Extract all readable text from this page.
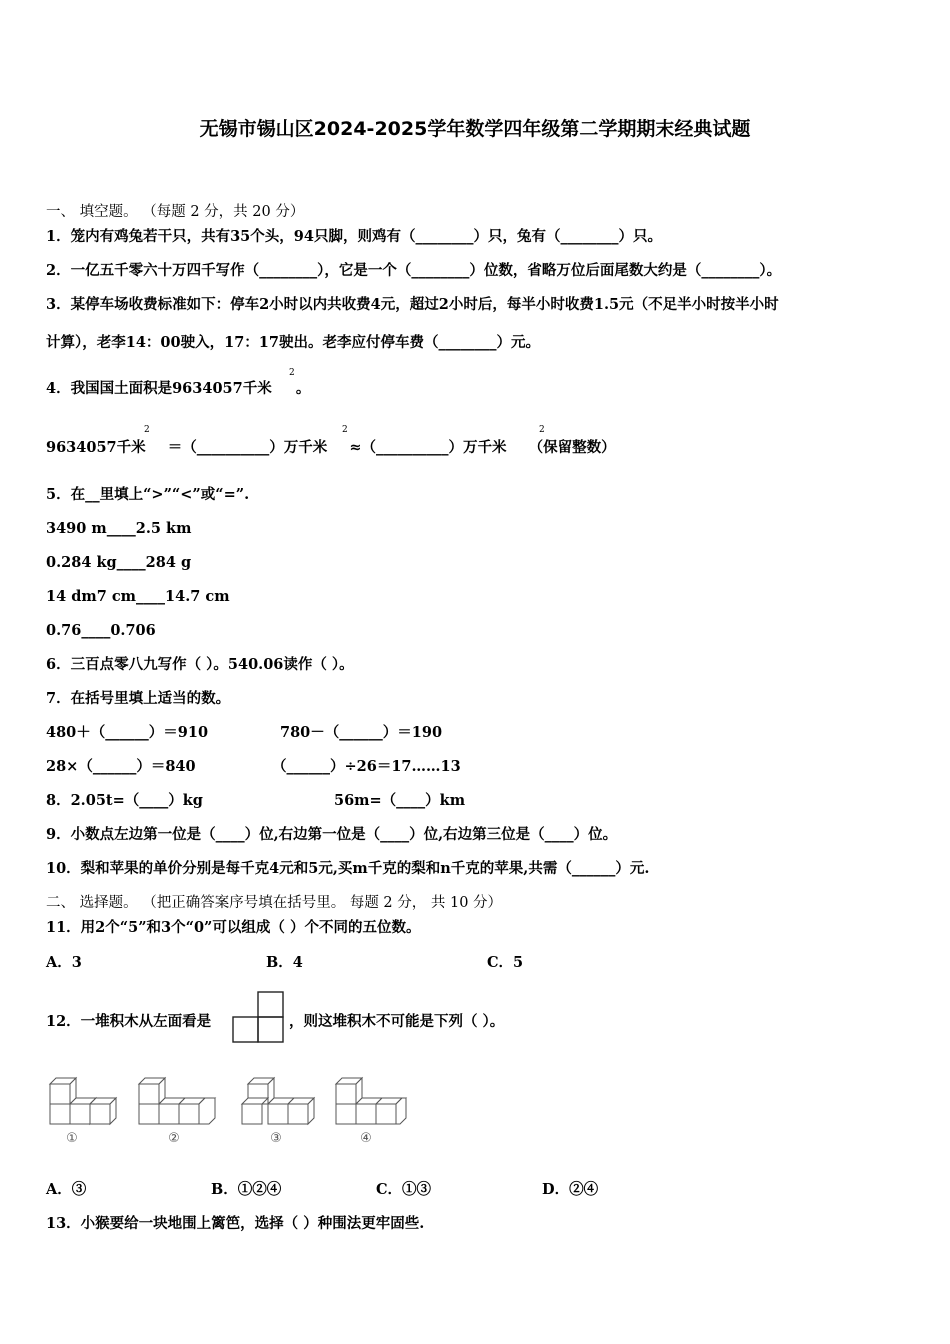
无锡市锡山区2024-2025学年数学四年级第二学期期末经典试题
一、 填空题。 （每题 2 分，共 20 分）
1．笼内有鸡兔若干只，共有35个头，94只脚，则鸡有（________）只，兔有（________）只。
2．一亿五千零六十万四千写作（________），它是一个（________）位数，省略万位后面尾数大约是（________）。
3．某停车场收费标准如下：停车2小时以内共收费4元，超过2小时后，每半小时收费1.5元（不足半小时按半小时
计算），老李14：00驶入，17：17驶出。老李应付停车费（________）元。
4．我国国土面积是9634057千米 。
2
9634057千米 ＝（__________）万千米 ≈（__________）万千米 （保留整数）
2	2	2
5．在__里填上“>”“<”或“=”.
3490 m____2.5 km
0.284 kg____284 g
14 dm7 cm____14.7 cm
0.76____0.706
6．三百点零八九写作（ ）。540.06读作（ ）。
7．在括号里填上适当的数。
480＋（______）＝910	780－（______）＝190
28×（______）＝840	（______）÷26＝17……13
8．2.05t=（____）kg	56m=（____）km
9．小数点左边第一位是（____）位,右边第一位是（____）位,右边第三位是（____）位。
10．梨和苹果的单价分别是每千克4元和5元,买m千克的梨和n千克的苹果,共需（______）元.
二、 选择题。 （把正确答案序号填在括号里。 每题 2 分， 共 10 分）
11．用2个“5”和3个“0”可以组成（ ）个不同的五位数。
A．3	B．4	C．5
12．一堆积木从左面看是	，则这堆积木不可能是下列（ ）。
①	②	③	④
A．③	B．①②④	C．①③	D．②④
13．小猴要给一块地围上篱笆，选择（ ）种围法更牢固些.
